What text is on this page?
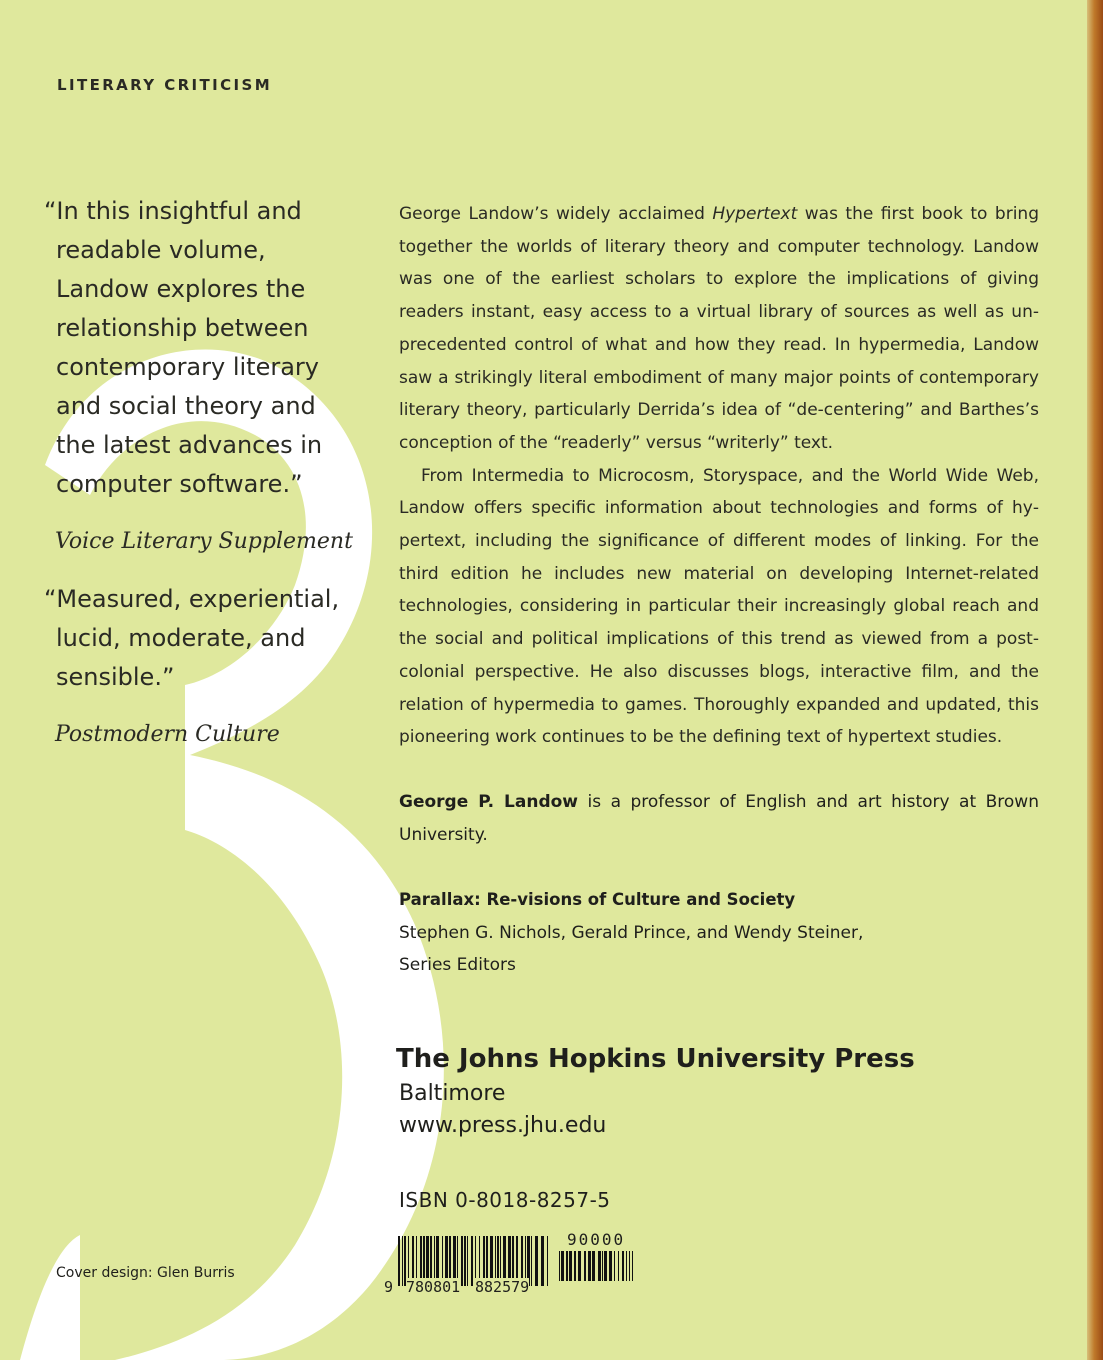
LITERARY CRITICISM
“In this insightful and readable volume, Landow explores the relationship between contemporary literary and social theory and the latest advances in computer software.”
Voice Literary Supplement
“Measured, experiential, lucid, moderate, and sensible.”
Postmodern Culture

George Landow’s widely acclaimed Hypertext was the first book to bring together the worlds of literary theory and computer technology. Landow was one of the earliest scholars to explore the implications of giving readers instant, easy access to a virtual library of sources as well as unprecedented control of what and how they read. In hypermedia, Landow saw a strikingly literal embodiment of many major points of contemporary literary theory, particularly Derrida’s idea of “de-centering” and Barthes’s conception of the “readerly” versus “writerly” text.

From Intermedia to Microcosm, Storyspace, and the World Wide Web, Landow offers specific information about technologies and forms of hypertext, including the significance of different modes of linking. For the third edition he includes new material on developing Internet-related technologies, considering in particular their increasingly global reach and the social and political implications of this trend as viewed from a postcolonial perspective. He also discusses blogs, interactive film, and the relation of hypermedia to games. Thoroughly expanded and updated, this pioneering work continues to be the defining text of hypertext studies.

George P. Landow is a professor of English and art history at Brown University.
Parallax: Re-visions of Culture and Society
Stephen G. Nichols, Gerald Prince, and Wendy Steiner,
Series Editors
The Johns Hopkins University Press
Baltimore
www.press.jhu.edu
ISBN 0-8018-8257-5
90000
9 780801 882579
Cover design: Glen Burris
